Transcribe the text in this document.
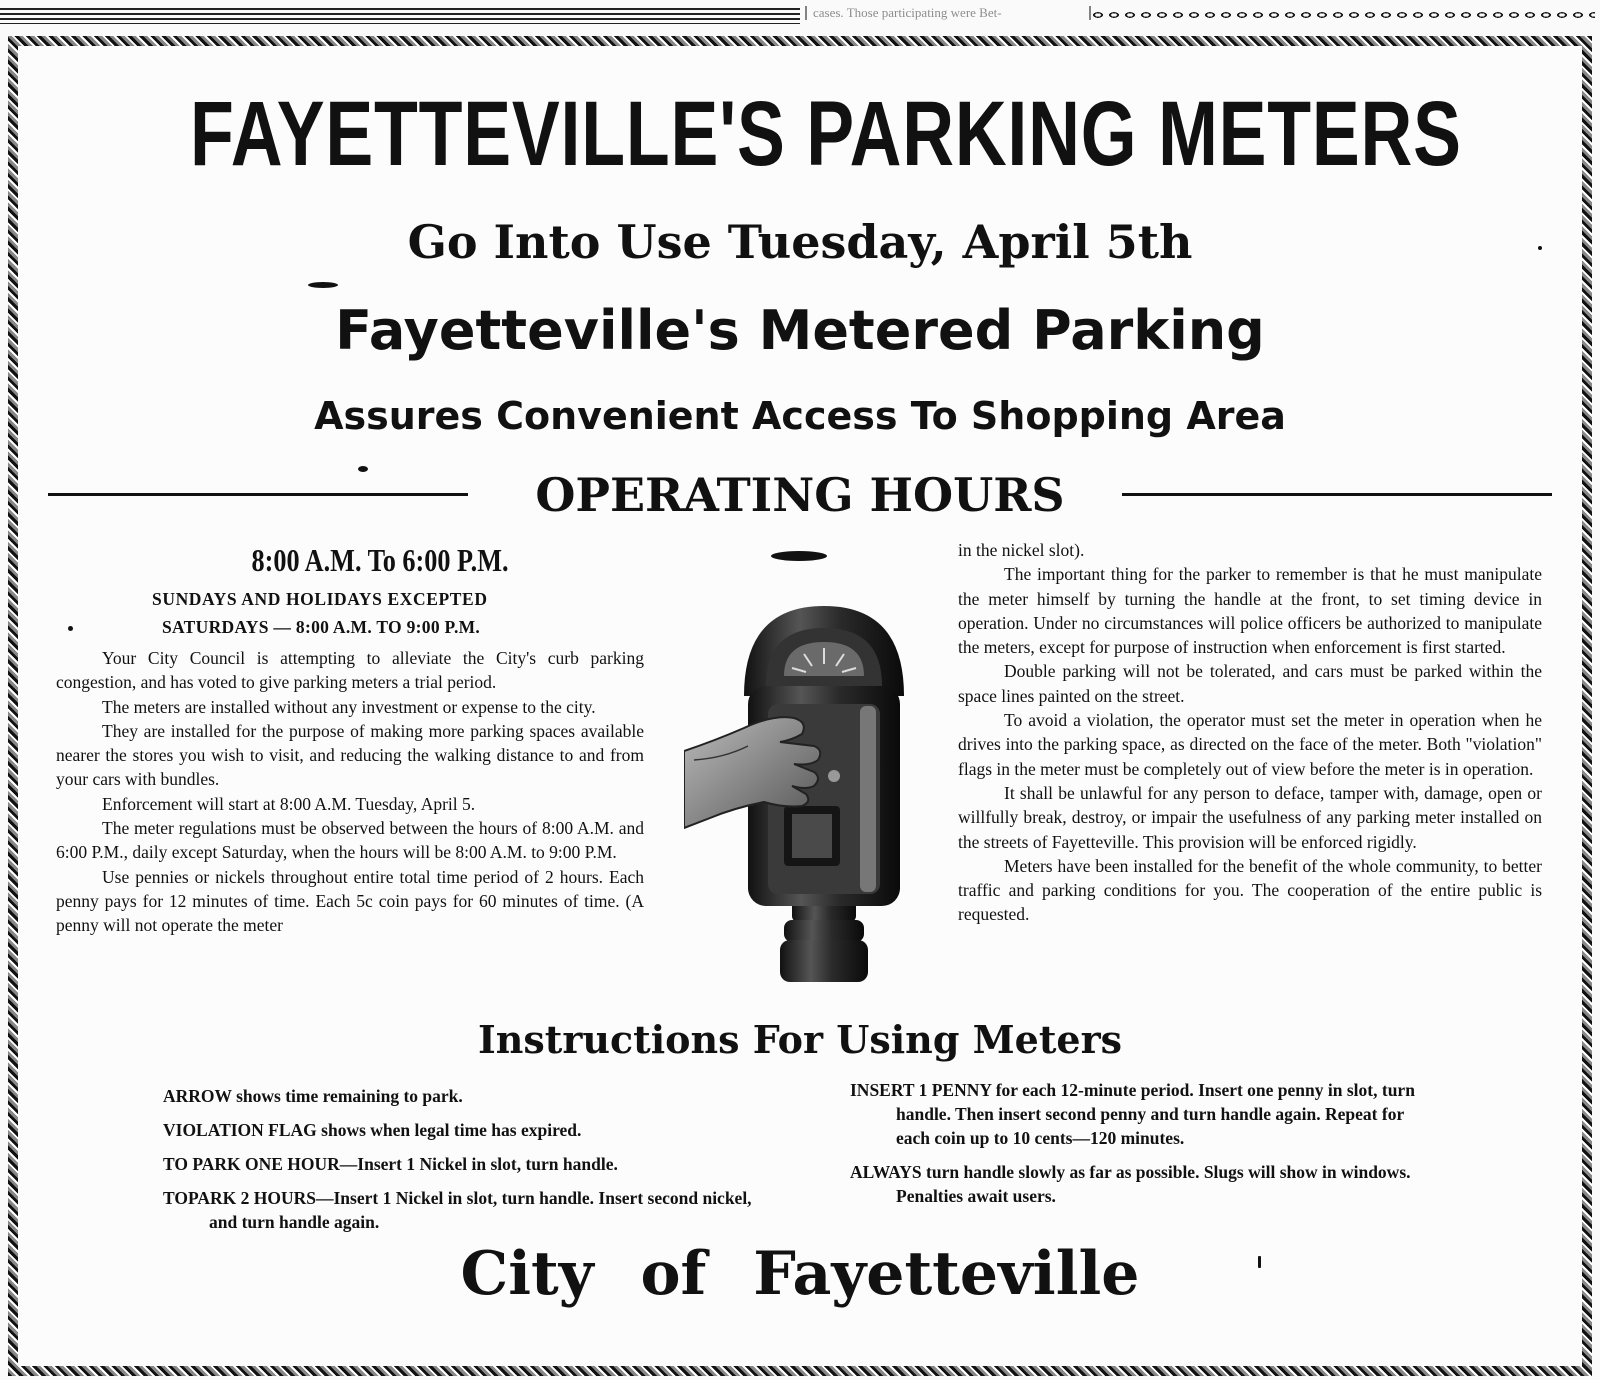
cases. Those participating were Bet-
FAYETTEVILLE'S PARKING METERS
Go Into Use Tuesday, April 5th
Fayetteville's Metered Parking
Assures Convenient Access To Shopping Area
OPERATING HOURS
8:00 A.M. To 6:00 P.M.
SUNDAYS AND HOLIDAYS EXCEPTED
SATURDAYS — 8:00 A.M. TO 9:00 P.M.

Your City Council is attempting to alleviate the City's curb parking congestion, and has voted to give parking meters a trial period.

The meters are installed without any investment or expense to the city.

They are installed for the purpose of making more parking spaces available nearer the stores you wish to visit, and reducing the walking distance to and from your cars with bundles.

Enforcement will start at 8:00 A.M. Tuesday, April 5.

The meter regulations must be observed between the hours of 8:00 A.M. and 6:00 P.M., daily except Saturday, when the hours will be 8:00 A.M. to 9:00 P.M.

Use pennies or nickels throughout entire total time period of 2 hours. Each penny pays for 12 minutes of time. Each 5c coin pays for 60 minutes of time. (A penny will not operate the meter

in the nickel slot).

The important thing for the parker to remember is that he must manipulate the meter himself by turning the handle at the front, to set timing device in operation. Under no circumstances will police officers be authorized to manipulate the meters, except for purpose of instruction when enforcement is first started.

Double parking will not be tolerated, and cars must be parked within the space lines painted on the street.

To avoid a violation, the operator must set the meter in operation when he drives into the parking space, as directed on the face of the meter. Both "violation" flags in the meter must be completely out of view before the meter is in operation.

It shall be unlawful for any person to deface, tamper with, damage, open or willfully break, destroy, or impair the usefulness of any parking meter installed on the streets of Fayetteville. This provision will be enforced rigidly.

Meters have been installed for the benefit of the whole community, to better traffic and parking conditions for you. The cooperation of the entire public is requested.

Instructions For Using Meters

ARROW shows time remaining to park.

VIOLATION FLAG shows when legal time has expired.

TO PARK ONE HOUR—Insert 1 Nickel in slot, turn handle.

TOPARK 2 HOURS—Insert 1 Nickel in slot, turn handle. Insert second nickel, and turn handle again.

INSERT 1 PENNY for each 12-minute period. Insert one penny in slot, turn handle. Then insert second penny and turn handle again. Repeat for each coin up to 10 cents—120 minutes.

ALWAYS turn handle slowly as far as possible. Slugs will show in windows. Penalties await users.

City of Fayetteville
